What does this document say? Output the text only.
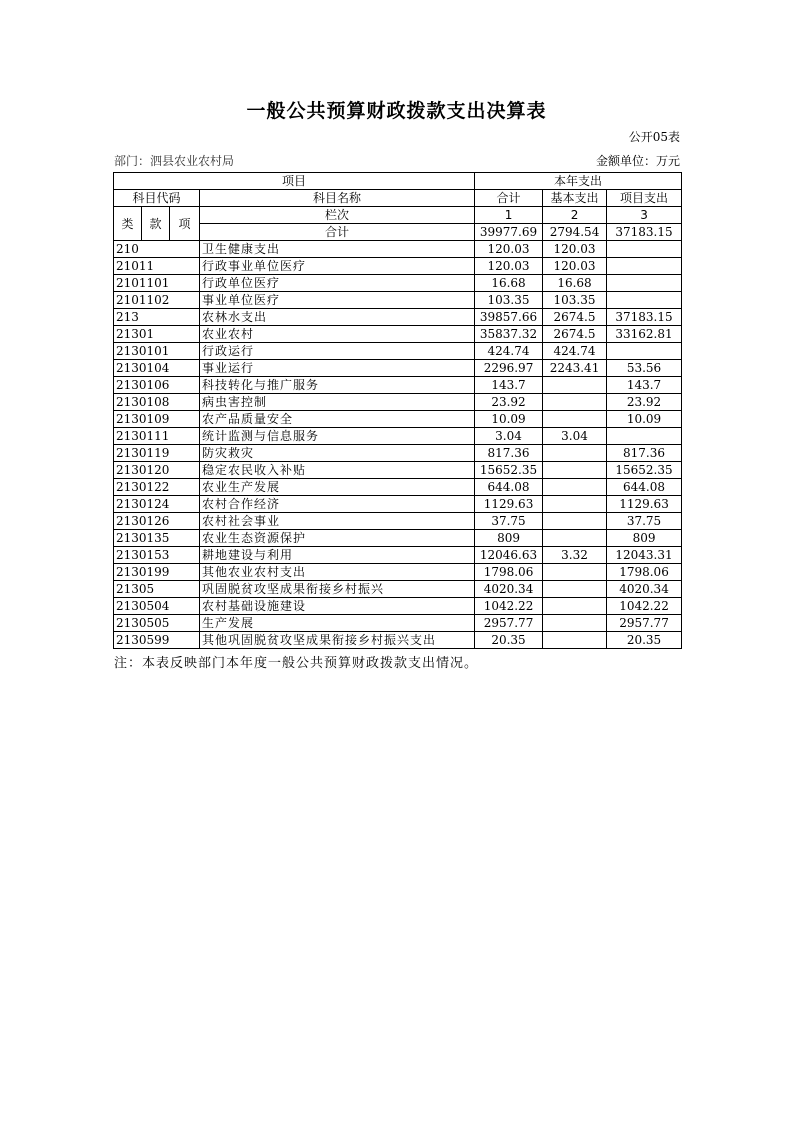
一般公共预算财政拨款支出决算表
公开05表
部门：泗县农业农村局	金额单位：万元
项目				本年支出		
科目代码			科目名称	合计	基本支出	项目支出
类	款	项	栏次	1	2	3
			合计	39977.69	2794.54	37183.15
210			卫生健康支出	120.03	120.03	
21011			行政事业单位医疗	120.03	120.03	
2101101			行政单位医疗	16.68	16.68	
2101102			事业单位医疗	103.35	103.35	
213			农林水支出	39857.66	2674.5	37183.15
21301			农业农村	35837.32	2674.5	33162.81
2130101			行政运行	424.74	424.74	
2130104			事业运行	2296.97	2243.41	53.56
2130106			科技转化与推广服务	143.7		143.7
2130108			病虫害控制	23.92		23.92
2130109			农产品质量安全	10.09		10.09
2130111			统计监测与信息服务	3.04	3.04	
2130119			防灾救灾	817.36		817.36
2130120			稳定农民收入补贴	15652.35		15652.35
2130122			农业生产发展	644.08		644.08
2130124			农村合作经济	1129.63		1129.63
2130126			农村社会事业	37.75		37.75
2130135			农业生态资源保护	809		809
2130153			耕地建设与利用	12046.63	3.32	12043.31
2130199			其他农业农村支出	1798.06		1798.06
21305			巩固脱贫攻坚成果衔接乡村振兴	4020.34		4020.34
2130504			农村基础设施建设	1042.22		1042.22
2130505			生产发展	2957.77		2957.77
2130599			其他巩固脱贫攻坚成果衔接乡村振兴支出	20.35		20.35
注：本表反映部门本年度一般公共预算财政拨款支出情况。
